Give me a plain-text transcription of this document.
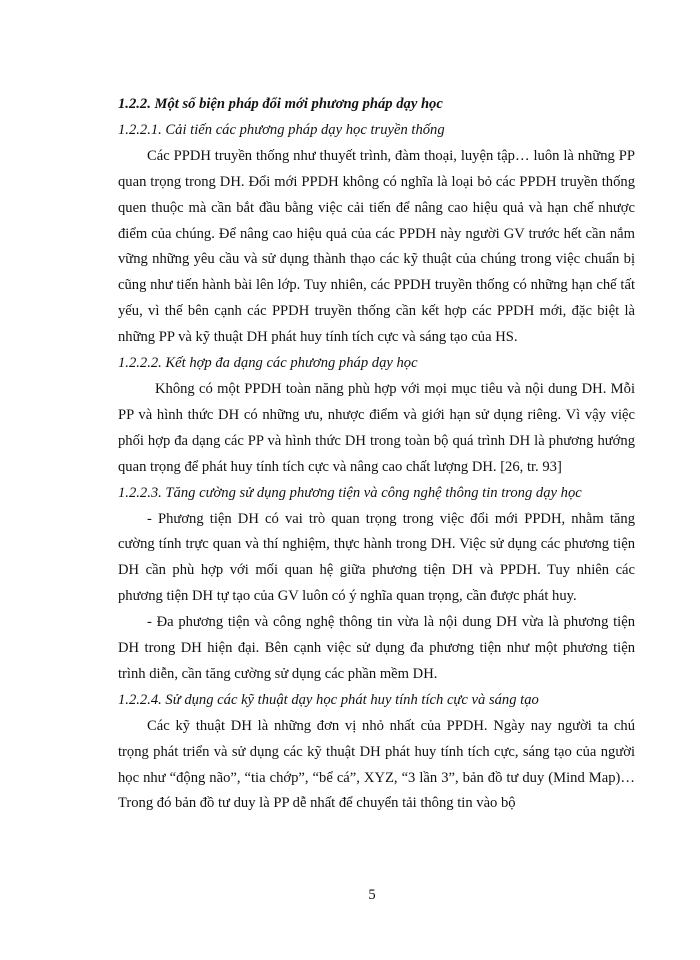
1.2.2. Một số biện pháp đổi mới phương pháp dạy học

1.2.2.1. Cải tiến các phương pháp dạy học truyền thống

Các PPDH truyền thống như thuyết trình, đàm thoại, luyện tập… luôn là những PP quan trọng trong DH. Đổi mới PPDH không có nghĩa là loại bỏ các PPDH truyền thống quen thuộc mà cần bắt đầu bằng việc cải tiến để nâng cao hiệu quả và hạn chế nhược điểm của chúng. Để nâng cao hiệu quả của các PPDH này người GV trước hết cần nắm vững những yêu cầu và sử dụng thành thạo các kỹ thuật của chúng trong việc chuẩn bị cũng như tiến hành bài lên lớp. Tuy nhiên, các PPDH truyền thống có những hạn chế tất yếu, vì thế bên cạnh các PPDH truyền thống cần kết hợp các PPDH mới, đặc biệt là những PP và kỹ thuật DH phát huy tính tích cực và sáng tạo của HS.

1.2.2.2. Kết hợp đa dạng các phương pháp dạy học

Không có một PPDH toàn năng phù hợp với mọi mục tiêu và nội dung DH. Mỗi PP và hình thức DH có những ưu, nhược điểm và giới hạn sử dụng riêng. Vì vậy việc phối hợp đa dạng các PP và hình thức DH trong toàn bộ quá trình DH là phương hướng quan trọng để phát huy tính tích cực và nâng cao chất lượng DH. [26, tr. 93]

1.2.2.3. Tăng cường sử dụng phương tiện và công nghệ thông tin trong dạy học

- Phương tiện DH có vai trò quan trọng trong việc đổi mới PPDH, nhằm tăng cường tính trực quan và thí nghiệm, thực hành trong DH. Việc sử dụng các phương tiện DH cần phù hợp với mối quan hệ giữa phương tiện DH và PPDH. Tuy nhiên các phương tiện DH tự tạo của GV luôn có ý nghĩa quan trọng, cần được phát huy.

- Đa phương tiện và công nghệ thông tin vừa là nội dung DH vừa là phương tiện DH trong DH hiện đại. Bên cạnh việc sử dụng đa phương tiện như một phương tiện trình diễn, cần tăng cường sử dụng các phần mềm DH.

1.2.2.4. Sử dụng các kỹ thuật dạy học phát huy tính tích cực và sáng tạo

Các kỹ thuật DH là những đơn vị nhỏ nhất của PPDH. Ngày nay người ta chú trọng phát triển và sử dụng các kỹ thuật DH phát huy tính tích cực, sáng tạo của người học như “động não”, “tia chớp”, “bể cá”, XYZ, “3 lần 3”, bản đồ tư duy (Mind Map)… Trong đó bản đồ tư duy là PP dễ nhất để chuyển tải thông tin vào bộ

5
